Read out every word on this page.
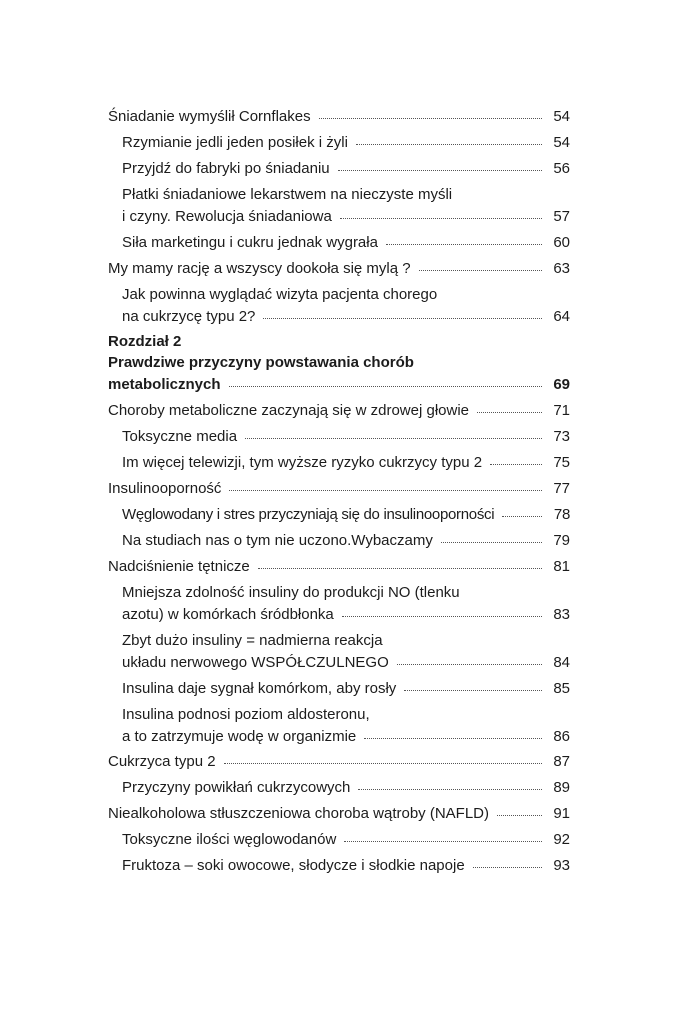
Śniadanie wymyślił Cornflakes	54
Rzymianie jedli jeden posiłek i żyli	54
Przyjdź do fabryki po śniadaniu	56
Płatki śniadaniowe lekarstwem na nieczyste myśli
i czyny. Rewolucja śniadaniowa	57
Siła marketingu i cukru jednak wygrała	60
My mamy rację a wszyscy dookoła się mylą ?	63
Jak powinna wyglądać wizyta pacjenta chorego
na cukrzycę typu 2?	64
Rozdział 2
Prawdziwe przyczyny powstawania chorób
metabolicznych	69
Choroby metaboliczne zaczynają się w zdrowej głowie	71
Toksyczne media	73
Im więcej telewizji, tym wyższe ryzyko cukrzycy typu 2	75
Insulinooporność	77
Węglowodany i stres przyczyniają się do insulinooporności	78
Na studiach nas o tym nie uczono.Wybaczamy	79
Nadciśnienie tętnicze	81
Mniejsza zdolność insuliny do produkcji NO (tlenku
azotu) w komórkach śródbłonka	83
Zbyt dużo insuliny = nadmierna reakcja
układu nerwowego WSPÓŁCZULNEGO	84
Insulina daje sygnał komórkom, aby rosły	85
Insulina podnosi poziom aldosteronu,
a to zatrzymuje wodę w organizmie	86
Cukrzyca typu 2	87
Przyczyny powikłań cukrzycowych	89
Niealkoholowa stłuszczeniowa choroba wątroby (NAFLD)	91
Toksyczne ilości węglowodanów	92
Fruktoza – soki owocowe, słodycze i słodkie napoje	93
